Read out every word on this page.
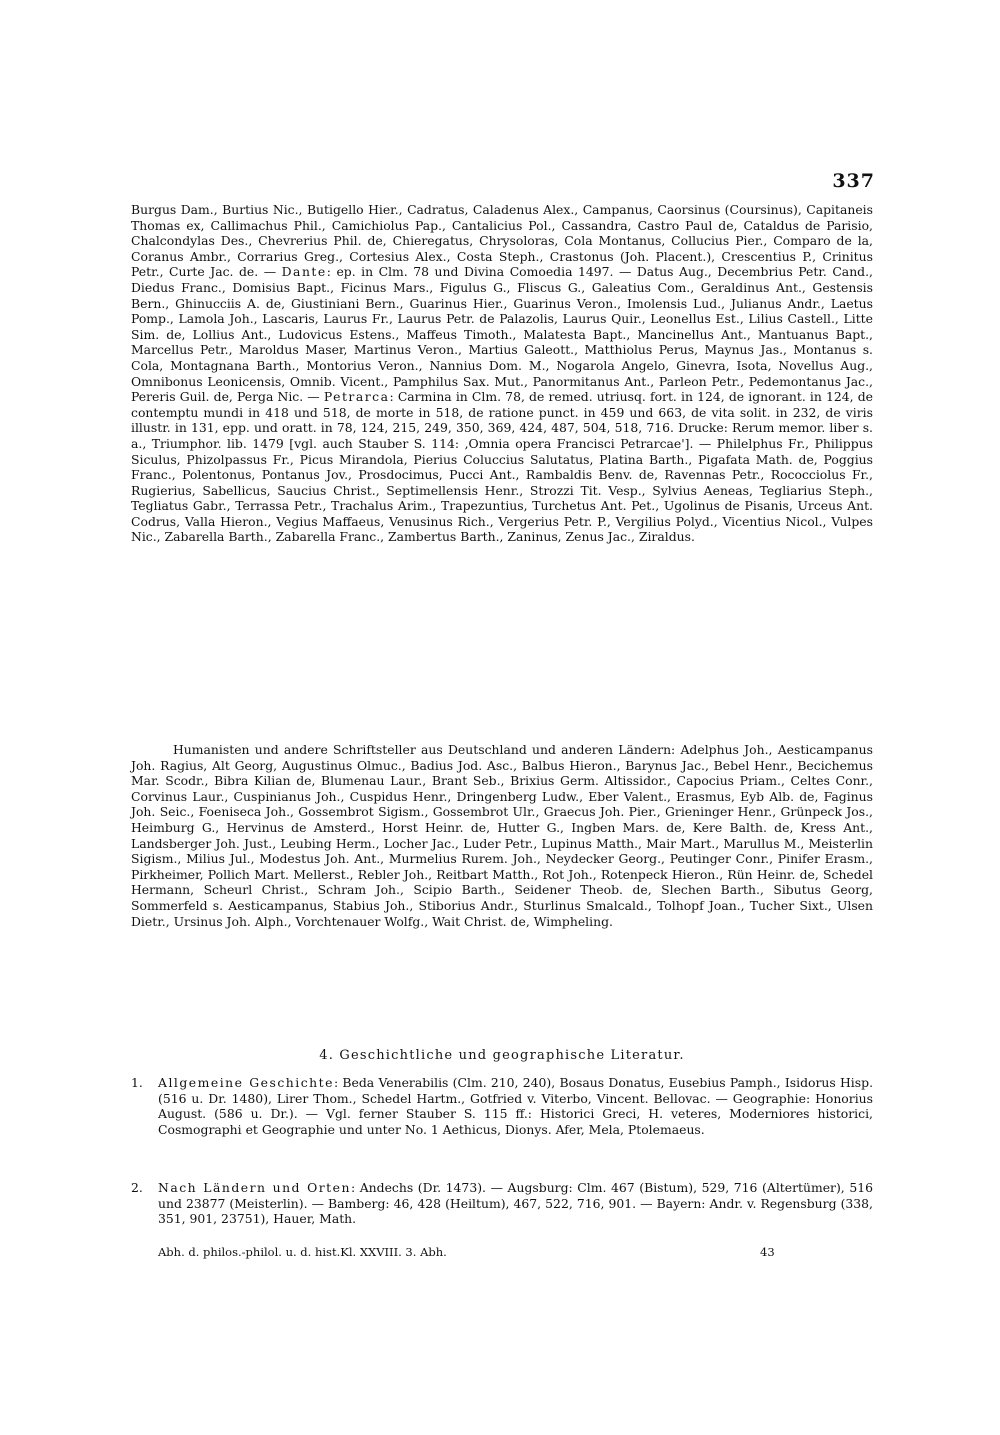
337
Burgus Dam., Burtius Nic., Butigello Hier., Cadratus, Caladenus Alex., Campanus, Caorsinus (Coursinus), Capitaneis Thomas ex, Callimachus Phil., Camichiolus Pap., Cantalicius Pol., Cassandra, Castro Paul de, Cataldus de Parisio, Chalcondylas Des., Chevrerius Phil. de, Chieregatus, Chrysoloras, Cola Montanus, Collucius Pier., Comparo de la, Coranus Ambr., Corrarius Greg., Cortesius Alex., Costa Steph., Crastonus (Joh. Placent.), Crescentius P., Crinitus Petr., Curte Jac. de. — Dante: ep. in Clm. 78 und Divina Comoedia 1497. — Datus Aug., Decembrius Petr. Cand., Diedus Franc., Domisius Bapt., Ficinus Mars., Figulus G., Fliscus G., Galeatius Com., Geraldinus Ant., Gestensis Bern., Ghinucciis A. de, Giustiniani Bern., Guarinus Hier., Guarinus Veron., Imolensis Lud., Julianus Andr., Laetus Pomp., Lamola Joh., Lascaris, Laurus Fr., Laurus Petr. de Palazolis, Laurus Quir., Leonellus Est., Lilius Castell., Litte Sim. de, Lollius Ant., Ludovicus Estens., Maffeus Timoth., Malatesta Bapt., Mancinellus Ant., Mantuanus Bapt., Marcellus Petr., Maroldus Maser, Martinus Veron., Martius Galeott., Matthiolus Perus, Maynus Jas., Montanus s. Cola, Montagnana Barth., Montorius Veron., Nannius Dom. M., Nogarola Angelo, Ginevra, Isota, Novellus Aug., Omnibonus Leonicensis, Omnib. Vicent., Pamphilus Sax. Mut., Panormitanus Ant., Parleon Petr., Pedemontanus Jac., Pereris Guil. de, Perga Nic. — Petrarca: Carmina in Clm. 78, de remed. utriusq. fort. in 124, de ignorant. in 124, de contemptu mundi in 418 und 518, de morte in 518, de ratione punct. in 459 und 663, de vita solit. in 232, de viris illustr. in 131, epp. und oratt. in 78, 124, 215, 249, 350, 369, 424, 487, 504, 518, 716. Drucke: Rerum memor. liber s. a., Triumphor. lib. 1479 [vgl. auch Stauber S. 114: ‚Omnia opera Francisci Petrarcae']. — Philelphus Fr., Philippus Siculus, Phizolpassus Fr., Picus Mirandola, Pierius Coluccius Salutatus, Platina Barth., Pigafata Math. de, Poggius Franc., Polentonus, Pontanus Jov., Prosdocimus, Pucci Ant., Rambaldis Benv. de, Ravennas Petr., Rococciolus Fr., Rugierius, Sabellicus, Saucius Christ., Septimellensis Henr., Strozzi Tit. Vesp., Sylvius Aeneas, Tegliarius Steph., Tegliatus Gabr., Terrassa Petr., Trachalus Arim., Trapezuntius, Turchetus Ant. Pet., Ugolinus de Pisanis, Urceus Ant. Codrus, Valla Hieron., Vegius Maffaeus, Venusinus Rich., Vergerius Petr. P., Vergilius Polyd., Vicentius Nicol., Vulpes Nic., Zabarella Barth., Zabarella Franc., Zambertus Barth., Zaninus, Zenus Jac., Ziraldus.
Humanisten und andere Schriftsteller aus Deutschland und anderen Ländern: Adelphus Joh., Aesticampanus Joh. Ragius, Alt Georg, Augustinus Olmuc., Badius Jod. Asc., Balbus Hieron., Barynus Jac., Bebel Henr., Becichemus Mar. Scodr., Bibra Kilian de, Blumenau Laur., Brant Seb., Brixius Germ. Altissidor., Capocius Priam., Celtes Conr., Corvinus Laur., Cuspinianus Joh., Cuspidus Henr., Dringenberg Ludw., Eber Valent., Erasmus, Eyb Alb. de, Faginus Joh. Seic., Foeniseca Joh., Gossembrot Sigism., Gossembrot Ulr., Graecus Joh. Pier., Grieninger Henr., Grünpeck Jos., Heimburg G., Hervinus de Amsterd., Horst Heinr. de, Hutter G., Ingben Mars. de, Kere Balth. de, Kress Ant., Landsberger Joh. Just., Leubing Herm., Locher Jac., Luder Petr., Lupinus Matth., Mair Mart., Marullus M., Meisterlin Sigism., Milius Jul., Modestus Joh. Ant., Murmelius Rurem. Joh., Neydecker Georg., Peutinger Conr., Pinifer Erasm., Pirkheimer, Pollich Mart. Mellerst., Rebler Joh., Reitbart Matth., Rot Joh., Rotenpeck Hieron., Rün Heinr. de, Schedel Hermann, Scheurl Christ., Schram Joh., Scipio Barth., Seidener Theob. de, Slechen Barth., Sibutus Georg, Sommerfeld s. Aesticampanus, Stabius Joh., Stiborius Andr., Sturlinus Smalcald., Tolhopf Joan., Tucher Sixt., Ulsen Dietr., Ursinus Joh. Alph., Vorchtenauer Wolfg., Wait Christ. de, Wimpheling.
4. Geschichtliche und geographische Literatur.
1.	Allgemeine Geschichte: Beda Venerabilis (Clm. 210, 240), Bosaus Donatus, Eusebius Pamph., Isidorus Hisp. (516 u. Dr. 1480), Lirer Thom., Schedel Hartm., Gotfried v. Viterbo, Vincent. Bellovac. — Geographie: Honorius August. (586 u. Dr.). — Vgl. ferner Stauber S. 115 ff.: Historici Greci, H. veteres, Moderniores historici, Cosmographi et Geographie und unter No. 1 Aethicus, Dionys. Afer, Mela, Ptolemaeus.
2.	Nach Ländern und Orten: Andechs (Dr. 1473). — Augsburg: Clm. 467 (Bistum), 529, 716 (Altertümer), 516 und 23877 (Meisterlin). — Bamberg: 46, 428 (Heiltum), 467, 522, 716, 901. — Bayern: Andr. v. Regensburg (338, 351, 901, 23751), Hauer, Math.
Abh. d. philos.-philol. u. d. hist.Kl. XXVIII. 3. Abh.	43
